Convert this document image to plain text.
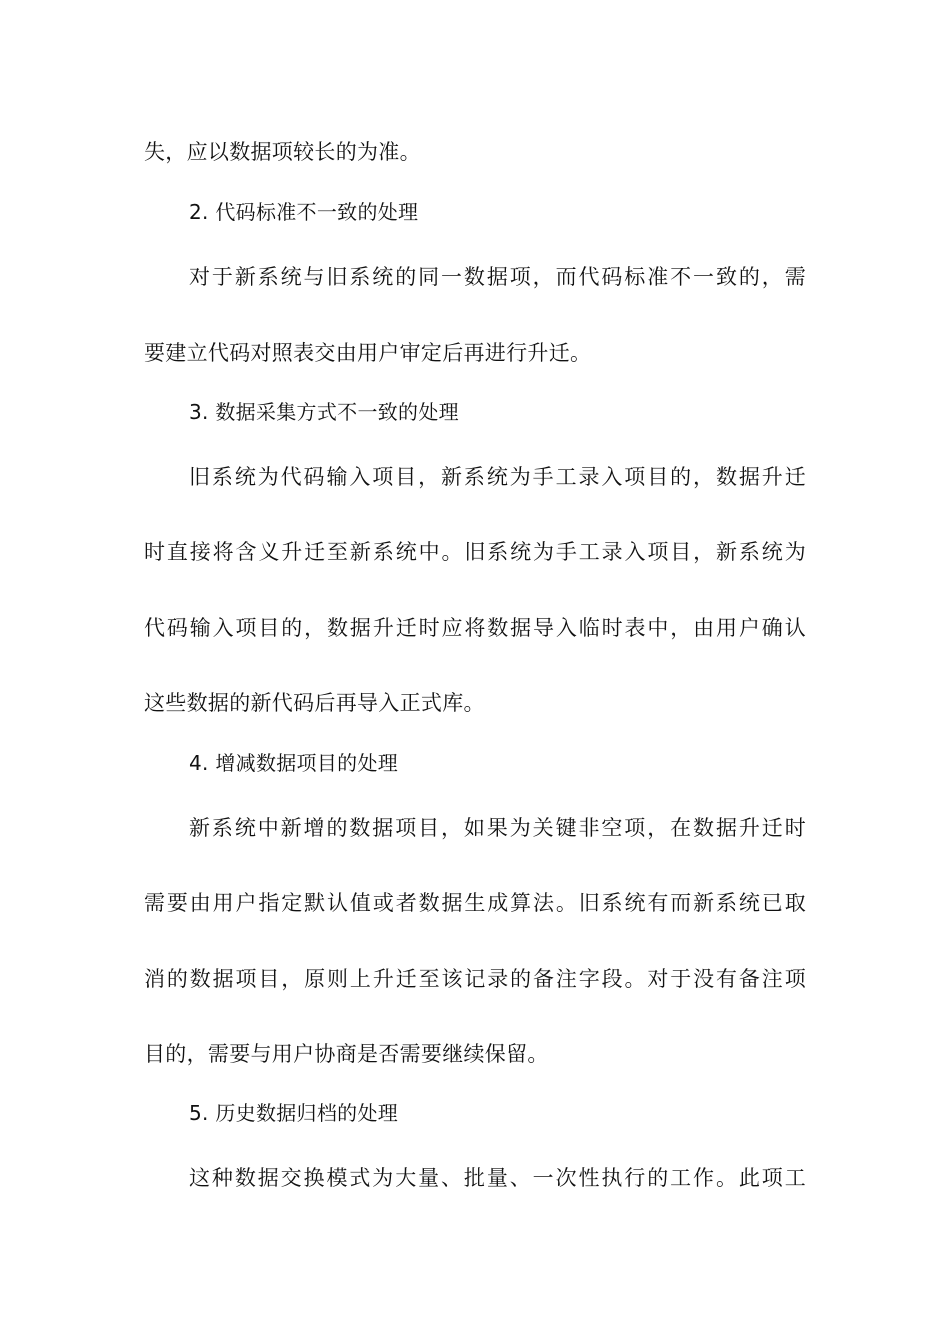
失，应以数据项较长的为准。
2. 代码标准不一致的处理
对于新系统与旧系统的同一数据项，而代码标准不一致的，需
要建立代码对照表交由用户审定后再进行升迁。
3. 数据采集方式不一致的处理
旧系统为代码输入项目，新系统为手工录入项目的，数据升迁
时直接将含义升迁至新系统中。旧系统为手工录入项目，新系统为
代码输入项目的，数据升迁时应将数据导入临时表中，由用户确认
这些数据的新代码后再导入正式库。
4. 增减数据项目的处理
新系统中新增的数据项目，如果为关键非空项，在数据升迁时
需要由用户指定默认值或者数据生成算法。旧系统有而新系统已取
消的数据项目，原则上升迁至该记录的备注字段。对于没有备注项
目的，需要与用户协商是否需要继续保留。
5. 历史数据归档的处理
这种数据交换模式为大量、批量、一次性执行的工作。此项工
